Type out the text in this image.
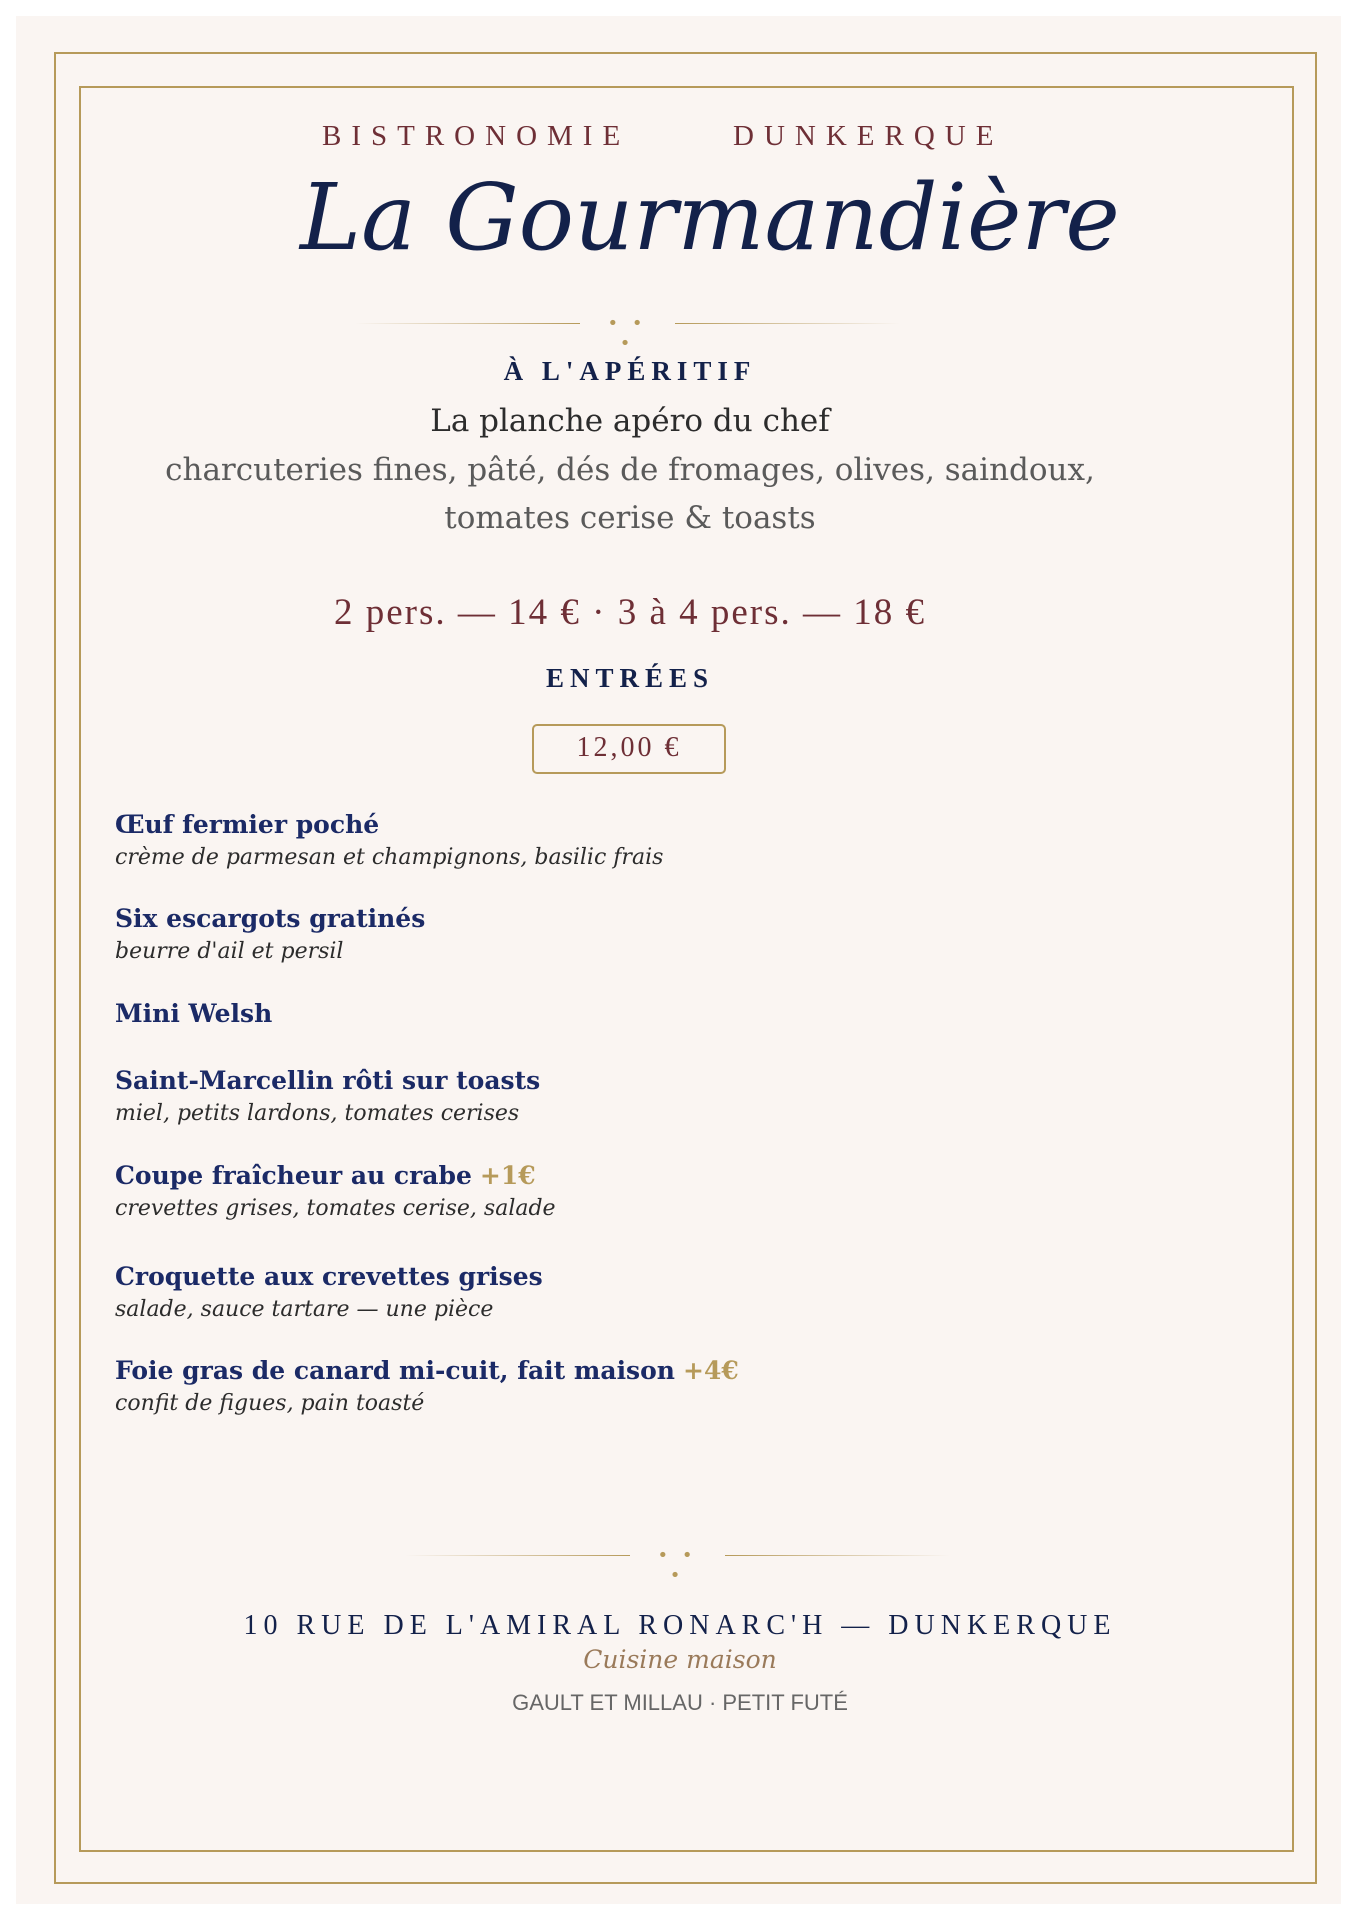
BISTRONOMIE	DUNKERQUE
La Gourmandière
• • •
À L'APÉRITIF
La planche apéro du chef
charcuteries fines, pâté, dés de fromages, olives, saindoux,
tomates cerise & toasts
2 pers. — 14 € · 3 à 4 pers. — 18 €
ENTRÉES
12,00 €
Œuf fermier poché
crème de parmesan et champignons, basilic frais
Six escargots gratinés
beurre d'ail et persil
Mini Welsh
Saint-Marcellin rôti sur toasts
miel, petits lardons, tomates cerises
Coupe fraîcheur au crabe +1€
crevettes grises, tomates cerise, salade
Croquette aux crevettes grises
salade, sauce tartare — une pièce
Foie gras de canard mi-cuit, fait maison +4€
confit de figues, pain toasté
• • •
10 RUE DE L'AMIRAL RONARC'H — DUNKERQUE
Cuisine maison
GAULT ET MILLAU · PETIT FUTÉ
